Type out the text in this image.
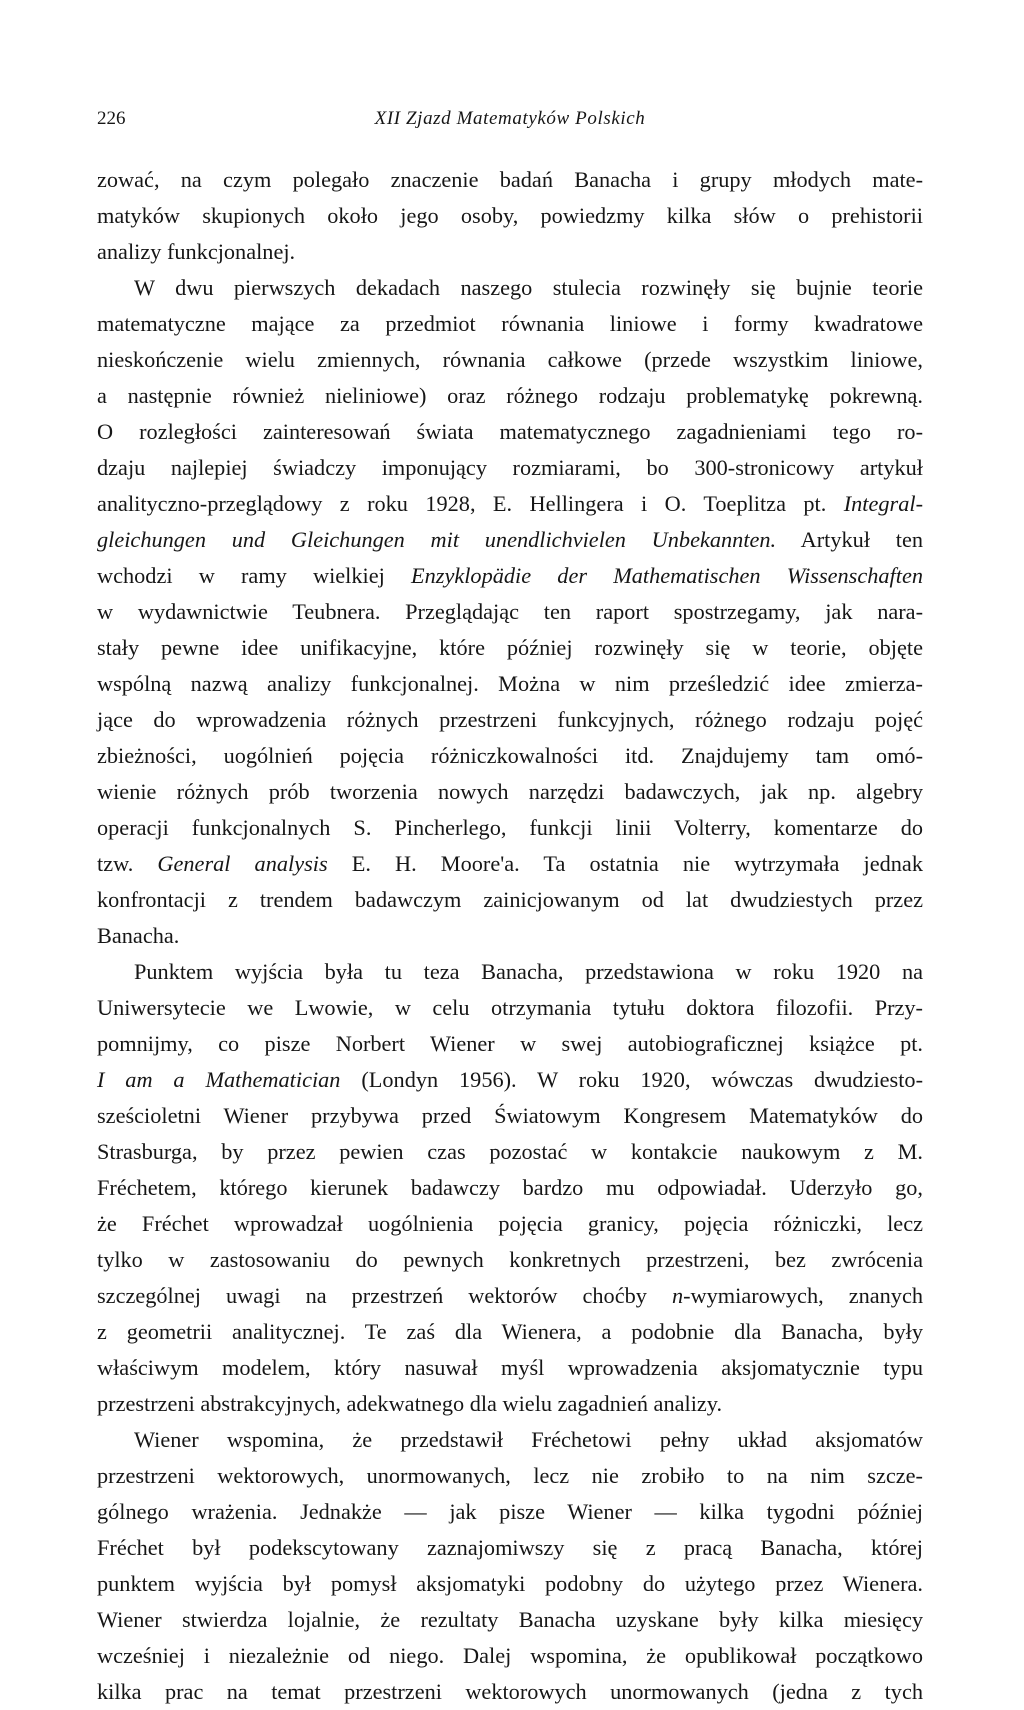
226	XII Zjazd Matematyków Polskich
zować, na czym polegało znaczenie badań Banacha i grupy młodych mate-
matyków skupionych około jego osoby, powiedzmy kilka słów o prehistorii
analizy funkcjonalnej.
W dwu pierwszych dekadach naszego stulecia rozwinęły się bujnie teorie
matematyczne mające za przedmiot równania liniowe i formy kwadratowe
nieskończenie wielu zmiennych, równania całkowe (przede wszystkim liniowe,
a następnie również nieliniowe) oraz różnego rodzaju problematykę pokrewną.
O rozległości zainteresowań świata matematycznego zagadnieniami tego ro-
dzaju najlepiej świadczy imponujący rozmiarami, bo 300-stronicowy artykuł
analityczno-przeglądowy z roku 1928, E. Hellingera i O. Toeplitza pt. Integral-
gleichungen und Gleichungen mit unendlichvielen Unbekannten. Artykuł ten
wchodzi w ramy wielkiej Enzyklopädie der Mathematischen Wissenschaften
w wydawnictwie Teubnera. Przeglądając ten raport spostrzegamy, jak nara-
stały pewne idee unifikacyjne, które później rozwinęły się w teorie, objęte
wspólną nazwą analizy funkcjonalnej. Można w nim prześledzić idee zmierza-
jące do wprowadzenia różnych przestrzeni funkcyjnych, różnego rodzaju pojęć
zbieżności, uogólnień pojęcia różniczkowalności itd. Znajdujemy tam omó-
wienie różnych prób tworzenia nowych narzędzi badawczych, jak np. algebry
operacji funkcjonalnych S. Pincherlego, funkcji linii Volterry, komentarze do
tzw. General analysis E. H. Moore'a. Ta ostatnia nie wytrzymała jednak
konfrontacji z trendem badawczym zainicjowanym od lat dwudziestych przez
Banacha.
Punktem wyjścia była tu teza Banacha, przedstawiona w roku 1920 na
Uniwersytecie we Lwowie, w celu otrzymania tytułu doktora filozofii. Przy-
pomnijmy, co pisze Norbert Wiener w swej autobiograficznej książce pt.
I am a Mathematician (Londyn 1956). W roku 1920, wówczas dwudziesto-
sześcioletni Wiener przybywa przed Światowym Kongresem Matematyków do
Strasburga, by przez pewien czas pozostać w kontakcie naukowym z M.
Fréchetem, którego kierunek badawczy bardzo mu odpowiadał. Uderzyło go,
że Fréchet wprowadzał uogólnienia pojęcia granicy, pojęcia różniczki, lecz
tylko w zastosowaniu do pewnych konkretnych przestrzeni, bez zwrócenia
szczególnej uwagi na przestrzeń wektorów choćby n-wymiarowych, znanych
z geometrii analitycznej. Te zaś dla Wienera, a podobnie dla Banacha, były
właściwym modelem, który nasuwał myśl wprowadzenia aksjomatycznie typu
przestrzeni abstrakcyjnych, adekwatnego dla wielu zagadnień analizy.
Wiener wspomina, że przedstawił Fréchetowi pełny układ aksjomatów
przestrzeni wektorowych, unormowanych, lecz nie zrobiło to na nim szcze-
gólnego wrażenia. Jednakże — jak pisze Wiener — kilka tygodni później
Fréchet był podekscytowany zaznajomiwszy się z pracą Banacha, której
punktem wyjścia był pomysł aksjomatyki podobny do użytego przez Wienera.
Wiener stwierdza lojalnie, że rezultaty Banacha uzyskane były kilka miesięcy
wcześniej i niezależnie od niego. Dalej wspomina, że opublikował początkowo
kilka prac na temat przestrzeni wektorowych unormowanych (jedna z tych
